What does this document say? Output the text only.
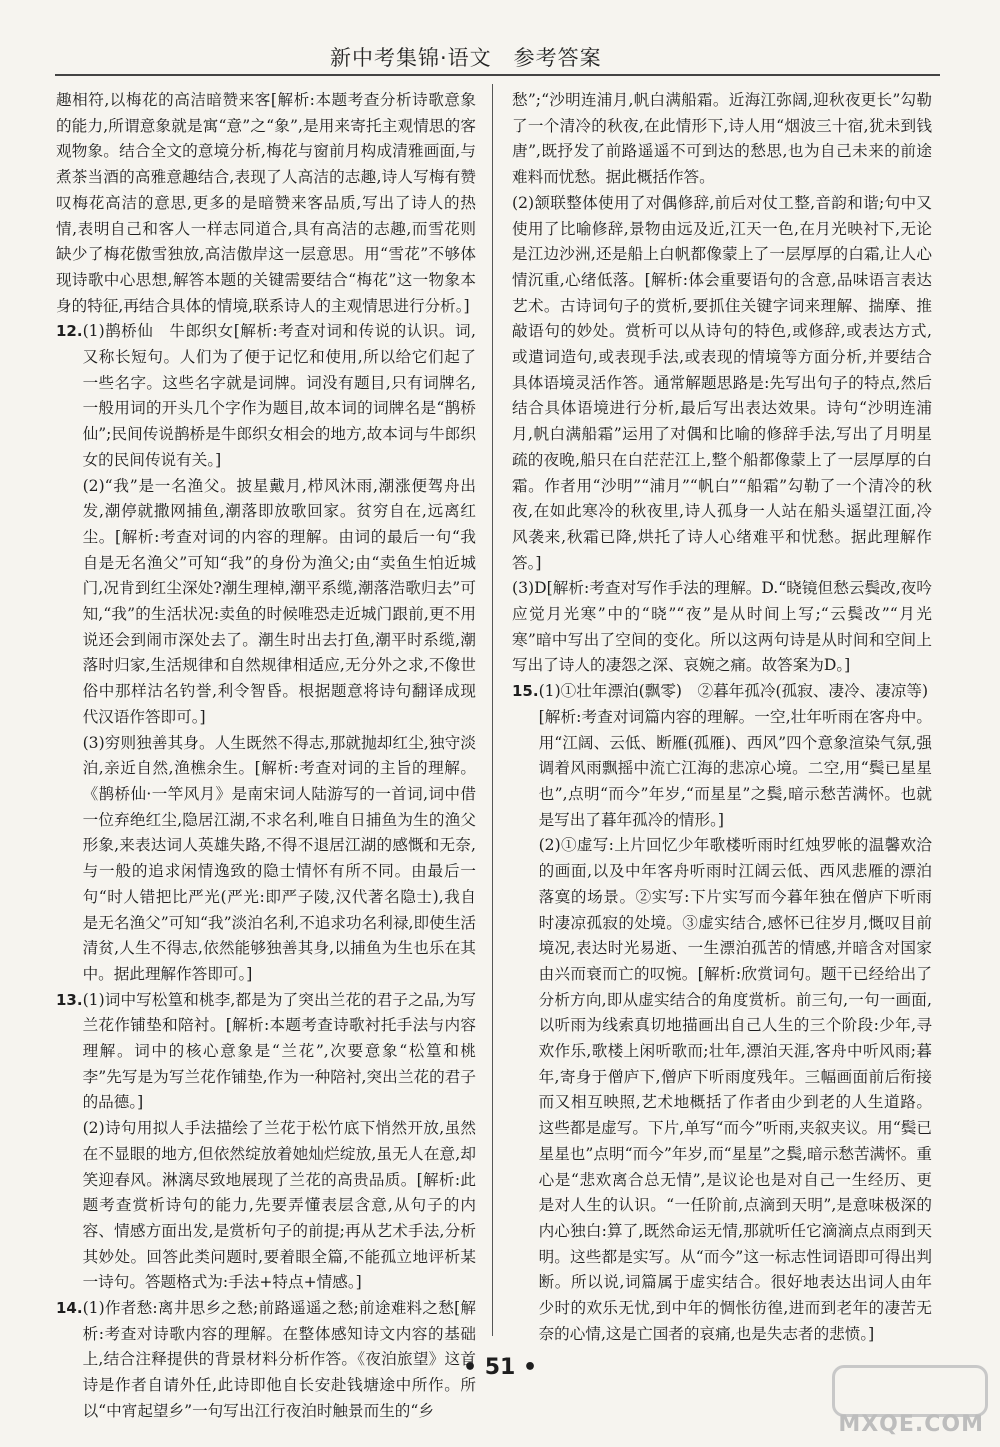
新中考集锦·语文　参考答案

趣相符,以梅花的高洁暗赞来客[解析:本题考查分析诗歌意象的能力,所谓意象就是寓“意”之“象”,是用来寄托主观情思的客观物象。结合全文的意境分析,梅花与窗前月构成清雅画面,与煮茶当酒的高雅意趣结合,表现了人高洁的志趣,诗人写梅有赞叹梅花高洁的意思,更多的是暗赞来客品质,写出了诗人的热情,表明自己和客人一样志同道合,具有高洁的志趣,而雪花则缺少了梅花傲雪独放,高洁傲岸这一层意思。用“雪花”不够体现诗歌中心思想,解答本题的关键需要结合“梅花”这一物象本身的特征,再结合具体的情境,联系诗人的主观情思进行分析。]

12. (1)鹊桥仙　牛郎织女[解析:考查对词和传说的认识。词,又称长短句。人们为了便于记忆和使用,所以给它们起了一些名字。这些名字就是词牌。词没有题目,只有词牌名,一般用词的开头几个字作为题目,故本词的词牌名是“鹊桥仙”;民间传说鹊桥是牛郎织女相会的地方,故本词与牛郎织女的民间传说有关。]

(2)“我”是一名渔父。披星戴月,栉风沐雨,潮涨便驾舟出发,潮停就撒网捕鱼,潮落即放歌回家。贫穷自在,远离红尘。[解析:考查对词的内容的理解。由词的最后一句“我自是无名渔父”可知“我”的身份为渔父;由“卖鱼生怕近城门,况肯到红尘深处?潮生理棹,潮平系缆,潮落浩歌归去”可知,“我”的生活状况:卖鱼的时候唯恐走近城门跟前,更不用说还会到闹市深处去了。潮生时出去打鱼,潮平时系缆,潮落时归家,生活规律和自然规律相适应,无分外之求,不像世俗中那样沽名钓誉,利令智昏。根据题意将诗句翻译成现代汉语作答即可。]

(3)穷则独善其身。人生既然不得志,那就抛却红尘,独守淡泊,亲近自然,渔樵余生。[解析:考查对词的主旨的理解。《鹊桥仙·一竿风月》是南宋词人陆游写的一首词,词中借一位弃绝红尘,隐居江湖,不求名利,唯自日捕鱼为生的渔父形象,来表达词人英雄失路,不得不退居江湖的感慨和无奈,与一般的追求闲情逸致的隐士情怀有所不同。由最后一句“时人错把比严光(严光:即严子陵,汉代著名隐士),我自是无名渔父”可知“我”淡泊名利,不追求功名利禄,即使生活清贫,人生不得志,依然能够独善其身,以捕鱼为生也乐在其中。据此理解作答即可。]

13. (1)词中写松篁和桃李,都是为了突出兰花的君子之品,为写兰花作铺垫和陪衬。[解析:本题考查诗歌衬托手法与内容理解。词中的核心意象是“兰花”,次要意象“松篁和桃李”先写是为写兰花作铺垫,作为一种陪衬,突出兰花的君子的品德。]

(2)诗句用拟人手法描绘了兰花于松竹底下悄然开放,虽然在不显眼的地方,但依然绽放着她灿烂绽放,虽无人在意,却笑迎春风。淋漓尽致地展现了兰花的高贵品质。[解析:此题考查赏析诗句的能力,先要弄懂表层含意,从句子的内容、情感方面出发,是赏析句子的前提;再从艺术手法,分析其妙处。回答此类问题时,要着眼全篇,不能孤立地评析某一诗句。答题格式为:手法+特点+情感。]

14. (1)作者愁:离井思乡之愁;前路遥遥之愁;前途难料之愁[解析:考查对诗歌内容的理解。在整体感知诗文内容的基础上,结合注释提供的背景材料分析作答。《夜泊旅望》这首诗是作者自请外任,此诗即他自长安赴钱塘途中所作。所以“中宵起望乡”一句写出江行夜泊时触景而生的“乡

愁”;“沙明连浦月,帆白满船霜。近海江弥阔,迎秋夜更长”勾勒了一个清冷的秋夜,在此情形下,诗人用“烟波三十宿,犹未到钱唐”,既抒发了前路遥遥不可到达的愁思,也为自己未来的前途难料而忧愁。据此概括作答。

(2)颔联整体使用了对偶修辞,前后对仗工整,音韵和谐;句中又使用了比喻修辞,景物由远及近,江天一色,在月光映衬下,无论是江边沙洲,还是船上白帆都像蒙上了一层厚厚的白霜,让人心情沉重,心绪低落。[解析:体会重要语句的含意,品味语言表达艺术。古诗词句子的赏析,要抓住关键字词来理解、揣摩、推敲语句的妙处。赏析可以从诗句的特色,或修辞,或表达方式,或遣词造句,或表现手法,或表现的情境等方面分析,并要结合具体语境灵活作答。通常解题思路是:先写出句子的特点,然后结合具体语境进行分析,最后写出表达效果。诗句“沙明连浦月,帆白满船霜”运用了对偶和比喻的修辞手法,写出了月明星疏的夜晚,船只在白茫茫江上,整个船都像蒙上了一层厚厚的白霜。作者用“沙明”“浦月”“帆白”“船霜”勾勒了一个清冷的秋夜,在如此寒冷的秋夜里,诗人孤身一人站在船头遥望江面,冷风袭来,秋霜已降,烘托了诗人心绪难平和忧愁。据此理解作答。]

(3)D[解析:考查对写作手法的理解。D.“晓镜但愁云鬓改,夜吟应觉月光寒”中的“晓”“夜”是从时间上写;“云鬓改”“月光寒”暗中写出了空间的变化。所以这两句诗是从时间和空间上写出了诗人的凄怨之深、哀婉之痛。故答案为D。]

15. (1)①壮年漂泊(飘零)　②暮年孤冷(孤寂、凄冷、凄凉等)

[解析:考查对词篇内容的理解。一空,壮年听雨在客舟中。用“江阔、云低、断雁(孤雁)、西风”四个意象渲染气氛,强调着风雨飘摇中流亡江海的悲凉心境。二空,用“鬓已星星也”,点明“而今”年岁,“而星星”之鬓,暗示愁苦满怀。也就是写出了暮年孤冷的情形。]

(2)①虚写:上片回忆少年歌楼听雨时红烛罗帐的温馨欢洽的画面,以及中年客舟听雨时江阔云低、西风悲雁的漂泊落寞的场景。②实写:下片实写而今暮年独在僧庐下听雨时凄凉孤寂的处境。③虚实结合,感怀已往岁月,慨叹目前境况,表达时光易逝、一生漂泊孤苦的情感,并暗含对国家由兴而衰而亡的叹惋。[解析:欣赏词句。题干已经给出了分析方向,即从虚实结合的角度赏析。前三句,一句一画面,以听雨为线索真切地描画出自己人生的三个阶段:少年,寻欢作乐,歌楼上闲听歌而;壮年,漂泊天涯,客舟中听风雨;暮年,寄身于僧庐下,僧庐下听雨度残年。三幅画面前后衔接而又相互映照,艺术地概括了作者由少到老的人生道路。这些都是虚写。下片,单写“而今”听雨,夹叙夹议。用“鬓已星星也”点明“而今”年岁,而“星星”之鬓,暗示愁苦满怀。重心是“悲欢离合总无情”,是议论也是对自己一生经历、更是对人生的认识。“一任阶前,点滴到天明”,是意味极深的内心独白:算了,既然命运无情,那就听任它滴滴点点雨到天明。这些都是实写。从“而今”这一标志性词语即可得出判断。所以说,词篇属于虚实结合。很好地表达出词人由年少时的欢乐无忧,到中年的惆怅彷徨,进而到老年的凄苦无奈的心情,这是亡国者的哀痛,也是失志者的悲愤。]

• 51 •
MXQE.COM
